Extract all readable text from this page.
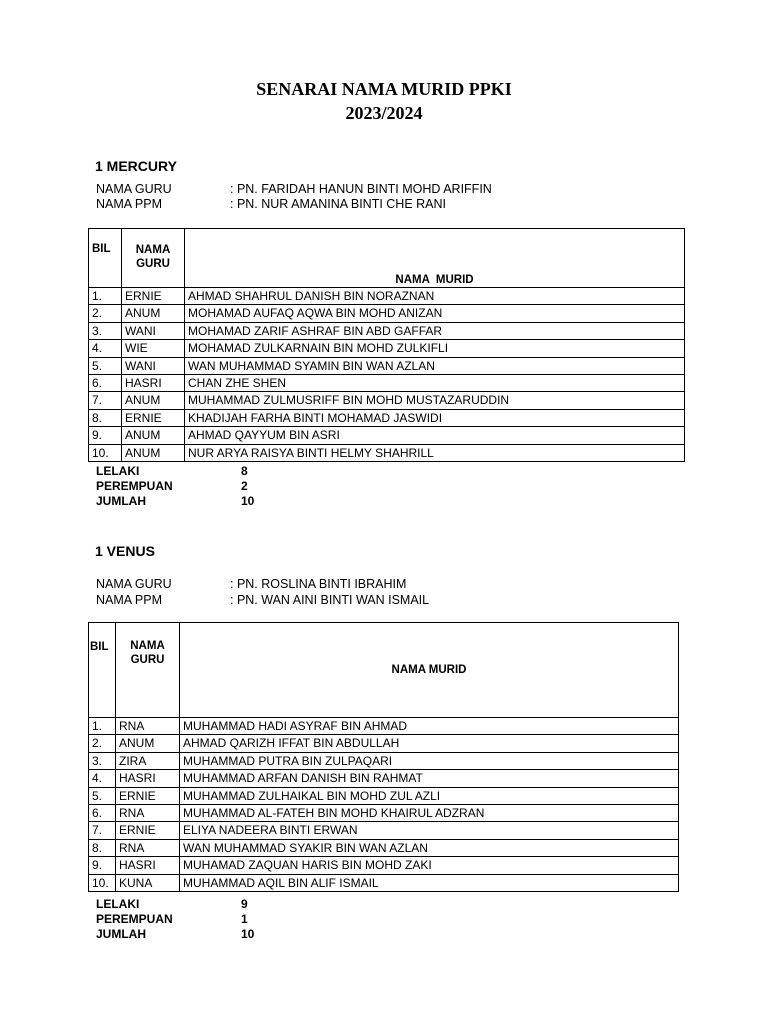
SENARAI NAMA MURID PPKI
2023/2024
1 MERCURY
NAMA GURU	: PN. FARIDAH HANUN BINTI MOHD ARIFFIN
NAMA PPM	: PN. NUR AMANINA BINTI CHE RANI
BIL	NAMA GURU	NAMA  MURID
1.	ERNIE	AHMAD SHAHRUL DANISH BIN NORAZNAN
2.	ANUM	MOHAMAD AUFAQ AQWA BIN MOHD ANIZAN
3.	WANI	MOHAMAD ZARIF ASHRAF BIN ABD GAFFAR
4.	WIE	MOHAMAD ZULKARNAIN BIN MOHD ZULKIFLI
5.	WANI	WAN MUHAMMAD SYAMIN BIN WAN AZLAN
6.	HASRI	CHAN ZHE SHEN
7.	ANUM	MUHAMMAD ZULMUSRIFF BIN MOHD MUSTAZARUDDIN
8.	ERNIE	KHADIJAH FARHA BINTI MOHAMAD JASWIDI
9.	ANUM	AHMAD QAYYUM BIN ASRI
10.	ANUM	NUR ARYA RAISYA BINTI HELMY SHAHRILL
LELAKI	8
PEREMPUAN	2
JUMLAH	10
1 VENUS
NAMA GURU	: PN. ROSLINA BINTI IBRAHIM
NAMA PPM	: PN. WAN AINI BINTI WAN ISMAIL
BIL	NAMA GURU	NAMA MURID
1.	RNA	MUHAMMAD HADI ASYRAF BIN AHMAD
2.	ANUM	AHMAD QARIZH IFFAT BIN ABDULLAH
3.	ZIRA	MUHAMMAD PUTRA BIN ZULPAQARI
4.	HASRI	MUHAMMAD ARFAN DANISH BIN RAHMAT
5.	ERNIE	MUHAMMAD ZULHAIKAL BIN MOHD ZUL AZLI
6.	RNA	MUHAMMAD AL-FATEH BIN MOHD KHAIRUL ADZRAN
7.	ERNIE	ELIYA NADEERA BINTI ERWAN
8.	RNA	WAN MUHAMMAD SYAKIR BIN WAN AZLAN
9.	HASRI	MUHAMAD ZAQUAN HARIS BIN MOHD ZAKI
10.	KUNA	MUHAMMAD AQIL BIN ALIF ISMAIL
LELAKI	9
PEREMPUAN	1
JUMLAH	10
